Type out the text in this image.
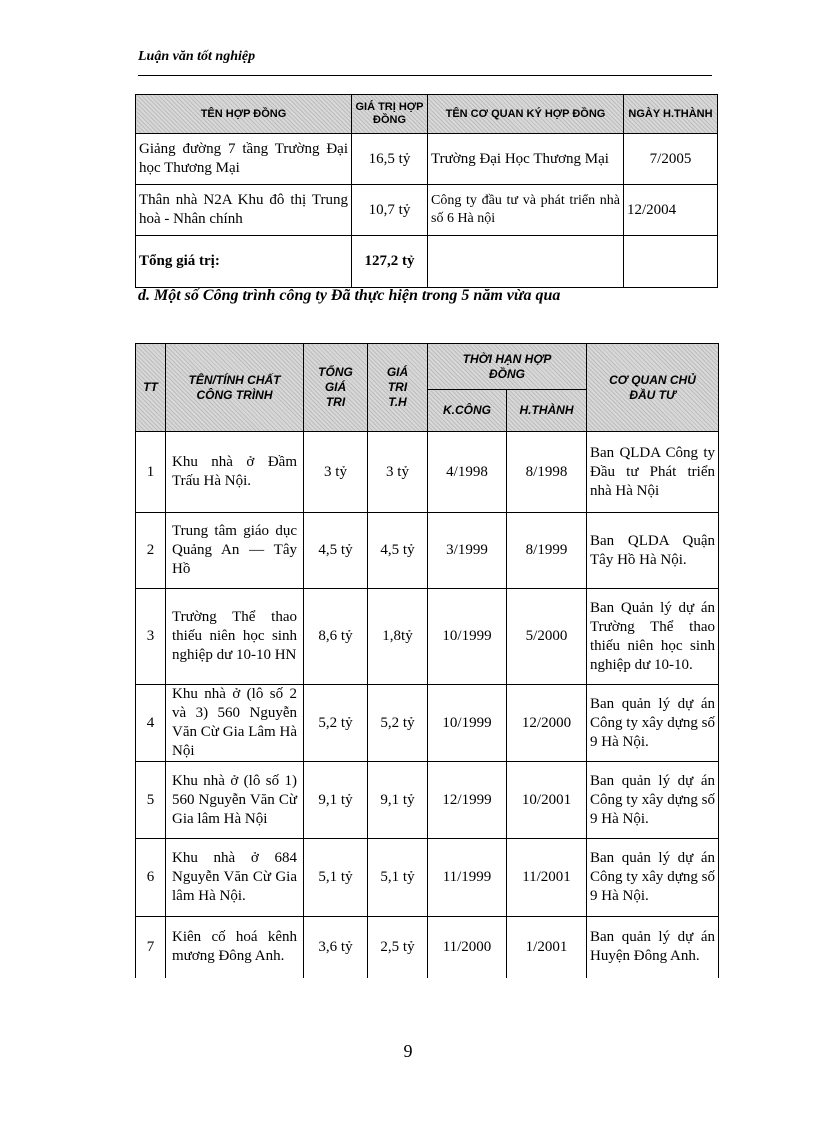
Luận văn tốt nghiệp
TÊN HỢP ĐỒNG	GIÁ TRỊ HỢP ĐỒNG	TÊN CƠ QUAN KÝ HỢP ĐỒNG	NGÀY H.THÀNH
Giảng đường 7 tầng Trường Đại học Thương Mại	16,5 tỷ	Trường Đại Học Thương Mại	7/2005
Thân nhà N2A Khu đô thị Trung hoà - Nhân chính	10,7 tỷ	Công ty đầu tư và phát triển nhà số 6 Hà nội	12/2004
Tổng giá trị:	127,2 tỷ		
d. Một số Công trình công ty Đã thực hiện trong 5 năm vừa qua
TT	TÊN/TÍNH CHẤT CÔNG TRÌNH	TỔNG GIÁ TRI	GIÁ TRI T.H	THỜI HẠN HỢP ĐỒNG		CƠ QUAN CHỦ ĐẦU TƯ
				K.CÔNG	H.THÀNH	
1	Khu nhà ở Đầm Trấu Hà Nội.	3 tỷ	3 tỷ	4/1998	8/1998	Ban QLDA Công ty Đầu tư Phát triển nhà Hà Nội

2	Trung tâm giáo dục Quảng An — Tây Hồ	4,5 tỷ	4,5 tỷ	3/1999	8/1999	Ban QLDA Quận Tây Hồ Hà Nội.

3	Trường Thể thao thiếu niên học sinh nghiệp dư 10-10 HN	8,6 tỷ	1,8tỷ	10/1999	5/2000	Ban Quản lý dự án Trường Thể thao thiếu niên học sinh nghiệp dư 10-10.

4	Khu nhà ở (lô số 2 và 3) 560 Nguyễn Văn Cừ Gia Lâm Hà Nội	5,2 tỷ	5,2 tỷ	10/1999	12/2000	Ban quản lý dự án Công ty xây dựng số 9 Hà Nội.

5	Khu nhà ở (lô số 1) 560 Nguyễn Văn Cừ Gia lâm Hà Nội	9,1 tỷ	9,1 tỷ	12/1999	10/2001	Ban quản lý dự án Công ty xây dựng số 9 Hà Nội.

6	Khu nhà ở 684 Nguyễn Văn Cừ Gia lâm Hà Nội.	5,1 tỷ	5,1 tỷ	11/1999	11/2001	Ban quản lý dự án Công ty xây dựng số 9 Hà Nội.

7	Kiên cố hoá kênh mương Đông Anh.	3,6 tỷ	2,5 tỷ	11/2000	1/2001	Ban quản lý dự án Huyện Đông Anh.
9
